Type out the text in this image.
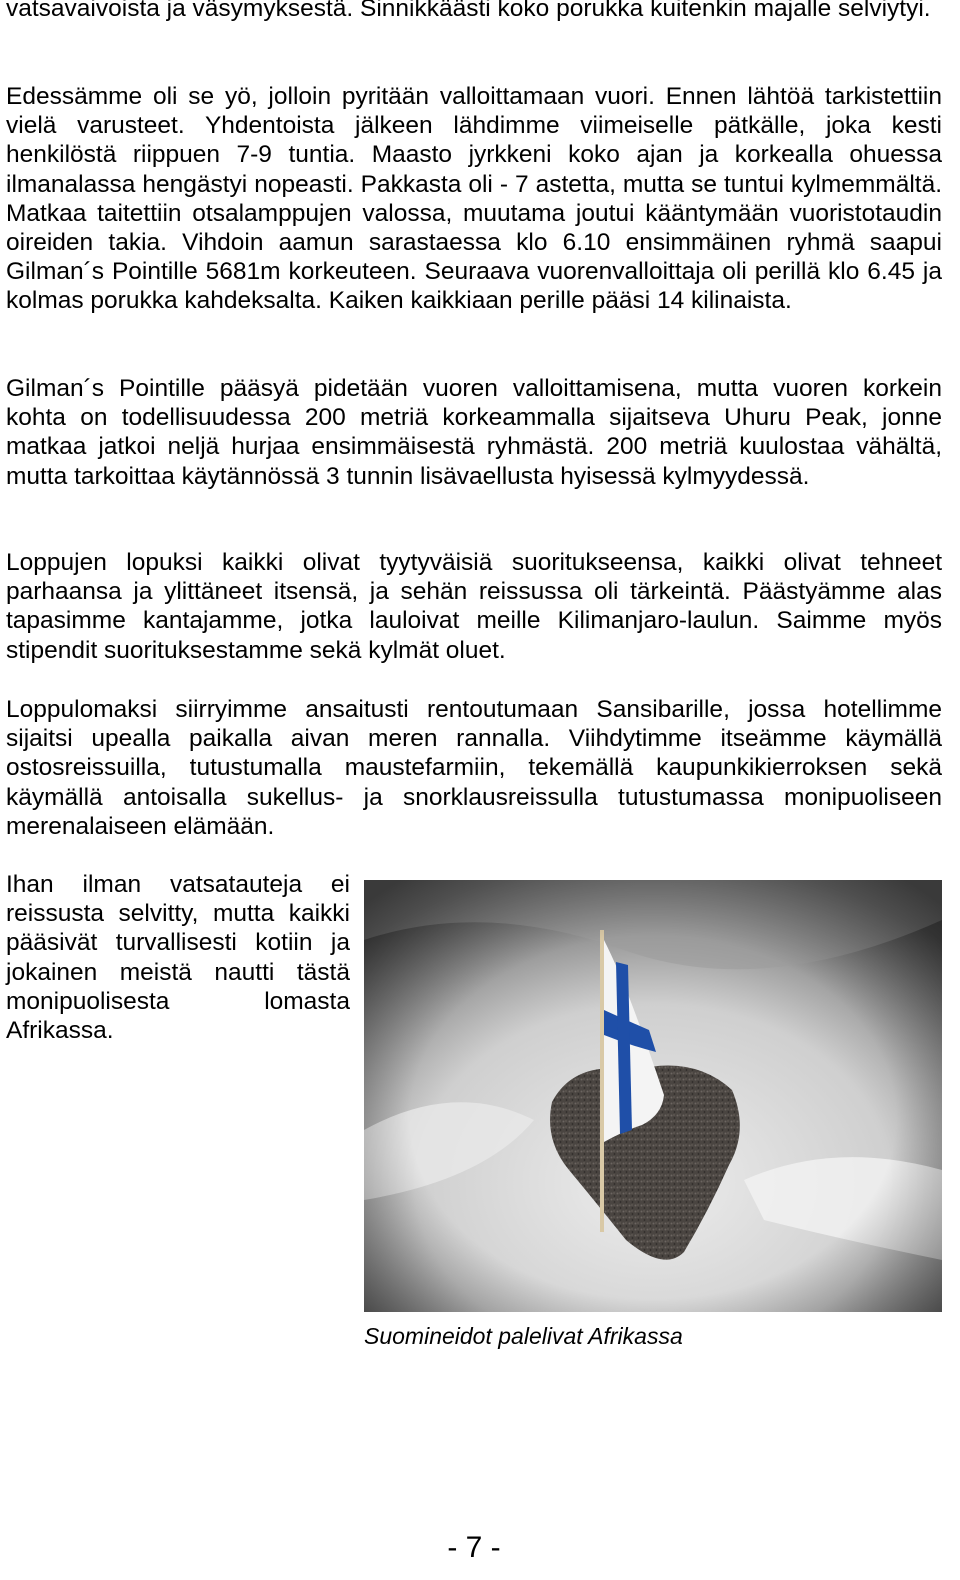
vatsavaivoista ja väsymyksestä. Sinnikkäästi koko porukka kuitenkin majalle selviytyi.

Edessämme oli se yö, jolloin pyritään valloittamaan vuori. Ennen lähtöä tarkistettiin vielä varusteet. Yhdentoista jälkeen lähdimme viimeiselle pätkälle, joka kesti henkilöstä riippuen 7-9 tuntia. Maasto jyrkkeni koko ajan ja korkealla ohuessa ilmanalassa hengästyi nopeasti. Pakkasta oli - 7 astetta, mutta se tuntui kylmemmältä. Matkaa taitettiin otsalamppujen valossa, muutama joutui kääntymään vuoristotaudin oireiden takia. Vihdoin aamun sarastaessa klo 6.10 ensimmäinen ryhmä saapui Gilman´s Pointille 5681m korkeuteen. Seuraava vuorenvalloittaja oli perillä klo 6.45 ja kolmas porukka kahdeksalta. Kaiken kaikkiaan perille pääsi 14 kilinaista.

Gilman´s Pointille pääsyä pidetään vuoren valloittamisena, mutta vuoren korkein kohta on todellisuudessa 200 metriä korkeammalla sijaitseva Uhuru Peak, jonne matkaa jatkoi neljä hurjaa ensimmäisestä ryhmästä. 200 metriä kuulostaa vähältä, mutta tarkoittaa käytännössä 3 tunnin lisävaellusta hyisessä kylmyydessä.

Loppujen lopuksi kaikki olivat tyytyväisiä suoritukseensa, kaikki olivat tehneet parhaansa ja ylittäneet itsensä, ja sehän reissussa oli tärkeintä. Päästyämme alas tapasimme kantajamme, jotka lauloivat meille Kilimanjaro-laulun. Saimme myös stipendit suorituksestamme sekä kylmät oluet.

Loppulomaksi siirryimme ansaitusti rentoutumaan Sansibarille, jossa hotellimme sijaitsi upealla paikalla aivan meren rannalla. Viihdytimme itseämme käymällä ostosreissuilla, tutustumalla maustefarmiin, tekemällä kaupunkikierroksen sekä käymällä antoisalla sukellus- ja snorklausreissulla tutustumassa monipuoliseen merenalaiseen elämään.

Ihan ilman vatsatauteja ei reissusta selvitty, mutta kaikki pääsivät turvallisesti kotiin ja jokainen meistä nautti tästä monipuolisesta lomasta Afrikassa.

Suomineidot palelivat Afrikassa
- 7 -
